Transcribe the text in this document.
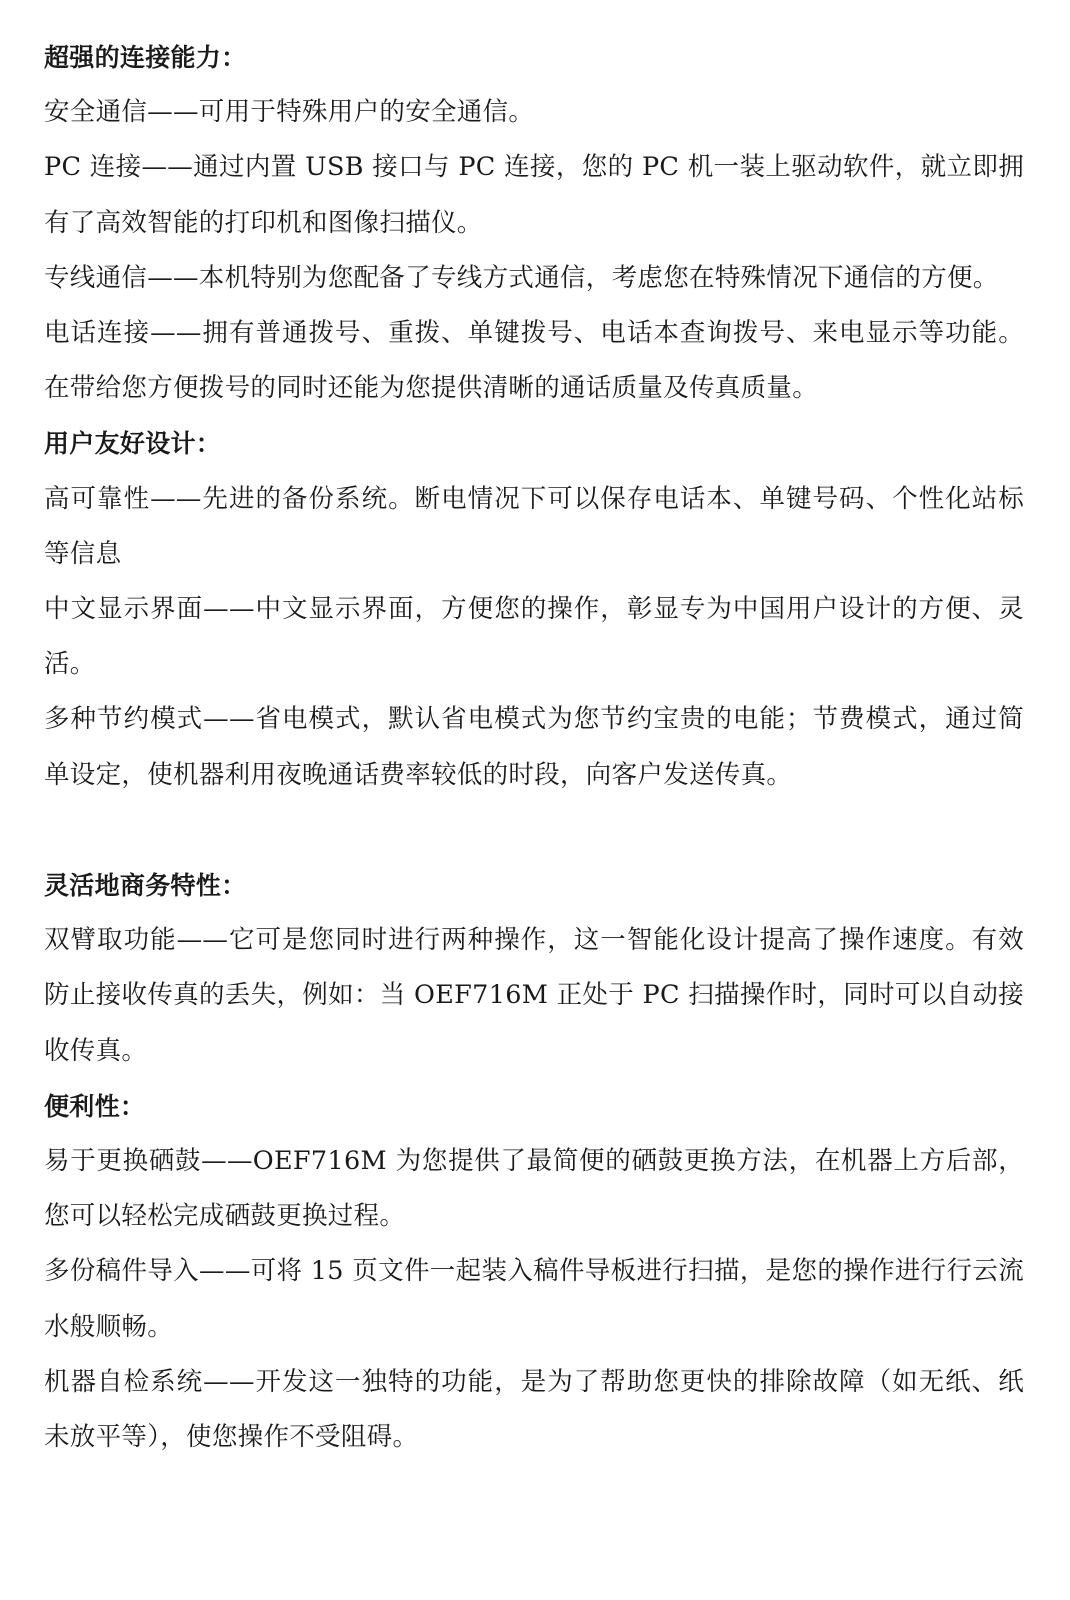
超强的连接能力：

安全通信——可用于特殊用户的安全通信。

PC 连接——通过内置 USB 接口与 PC 连接，您的 PC 机一装上驱动软件，就立即拥有了高效智能的打印机和图像扫描仪。

专线通信——本机特别为您配备了专线方式通信，考虑您在特殊情况下通信的方便。

电话连接——拥有普通拨号、重拨、单键拨号、电话本查询拨号、来电显示等功能。在带给您方便拨号的同时还能为您提供清晰的通话质量及传真质量。

用户友好设计：

高可靠性——先进的备份系统。断电情况下可以保存电话本、单键号码、个性化站标等信息

中文显示界面——中文显示界面，方便您的操作，彰显专为中国用户设计的方便、灵活。

多种节约模式——省电模式，默认省电模式为您节约宝贵的电能；节费模式，通过简单设定，使机器利用夜晚通话费率较低的时段，向客户发送传真。

灵活地商务特性：

双臂取功能——它可是您同时进行两种操作，这一智能化设计提高了操作速度。有效防止接收传真的丢失，例如：当 OEF716M 正处于 PC 扫描操作时，同时可以自动接收传真。

便利性：

易于更换硒鼓——OEF716M 为您提供了最简便的硒鼓更换方法，在机器上方后部，您可以轻松完成硒鼓更换过程。

多份稿件导入——可将 15 页文件一起装入稿件导板进行扫描，是您的操作进行行云流水般顺畅。

机器自检系统——开发这一独特的功能，是为了帮助您更快的排除故障（如无纸、纸未放平等），使您操作不受阻碍。
